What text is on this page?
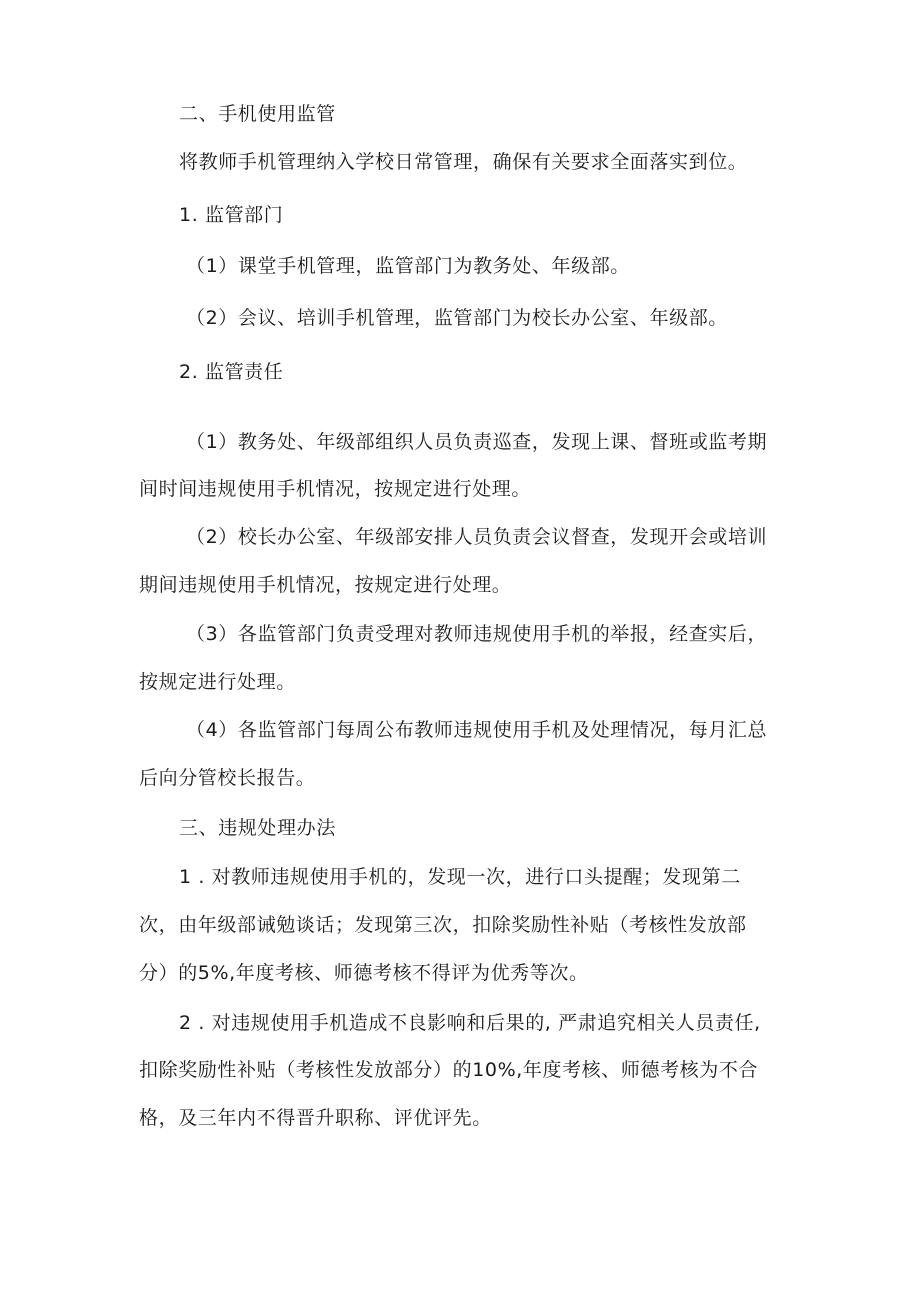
二、手机使用监管
将教师手机管理纳入学校日常管理，确保有关要求全面落实到位。
1. 监管部门
（1）课堂手机管理，监管部门为教务处、年级部。
（2）会议、培训手机管理，监管部门为校长办公室、年级部。
2. 监管责任
（1）教务处、年级部组织人员负责巡查，发现上课、督班或监考期
间时间违规使用手机情况，按规定进行处理。
（2）校长办公室、年级部安排人员负责会议督查，发现开会或培训
期间违规使用手机情况，按规定进行处理。
（3）各监管部门负责受理对教师违规使用手机的举报，经查实后，
按规定进行处理。
（4）各监管部门每周公布教师违规使用手机及处理情况，每月汇总
后向分管校长报告。
三、违规处理办法
1 . 对教师违规使用手机的，发现一次，进行口头提醒；发现第二
次，由年级部诫勉谈话；发现第三次，扣除奖励性补贴（考核性发放部
分）的5%,年度考核、师德考核不得评为优秀等次。
2 . 对违规使用手机造成不良影响和后果的, 严肃追究相关人员责任,
扣除奖励性补贴（考核性发放部分）的10%,年度考核、师德考核为不合
格，及三年内不得晋升职称、评优评先。
